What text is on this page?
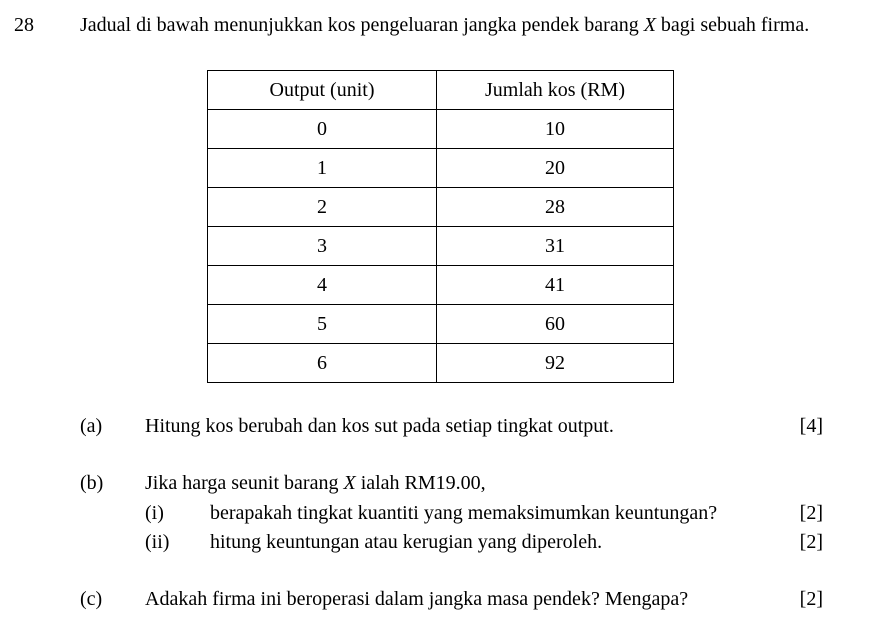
28 Jadual di bawah menunjukkan kos pengeluaran jangka pendek barang X bagi sebuah firma.
Output (unit)	Jumlah kos (RM)
0	10
1	20
2	28
3	31
4	41
5	60
6	92
(a) Hitung kos berubah dan kos sut pada setiap tingkat output.	[4]
(b) Jika harga seunit barang X ialah RM19.00,
(i) berapakah tingkat kuantiti yang memaksimumkan keuntungan?	[2]
(ii) hitung keuntungan atau kerugian yang diperoleh.	[2]
(c) Adakah firma ini beroperasi dalam jangka masa pendek? Mengapa?	[2]
